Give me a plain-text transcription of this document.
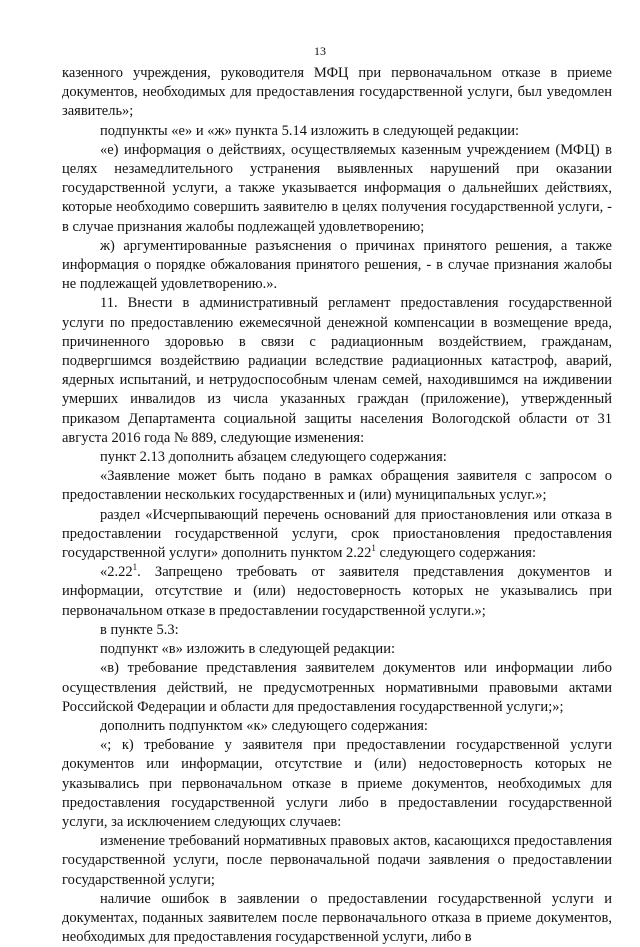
13

казенного учреждения, руководителя МФЦ при первоначальном отказе в приеме документов, необходимых для предоставления государственной услуги, был уведомлен заявитель»;

подпункты «е» и «ж» пункта 5.14 изложить в следующей редакции:

«е) информация о действиях, осуществляемых казенным учреждением (МФЦ) в целях незамедлительного устранения выявленных нарушений при оказании государственной услуги, а также указывается информация о дальнейших действиях, которые необходимо совершить заявителю в целях получения государственной услуги, - в случае признания жалобы подлежащей удовлетворению;

ж) аргументированные разъяснения о причинах принятого решения, а также информация о порядке обжалования принятого решения, - в случае признания жалобы не подлежащей удовлетворению.».

11. Внести в административный регламент предоставления государственной услуги по предоставлению ежемесячной денежной компенсации в возмещение вреда, причиненного здоровью в связи с радиационным воздействием, гражданам, подвергшимся воздействию радиации вследствие радиационных катастроф, аварий, ядерных испытаний, и нетрудоспособным членам семей, находившимся на иждивении умерших инвалидов из числа указанных граждан (приложение), утвержденный приказом Департамента социальной защиты населения Вологодской области от 31 августа 2016 года № 889, следующие изменения:

пункт 2.13 дополнить абзацем следующего содержания:

«Заявление может быть подано в рамках обращения заявителя с запросом о предоставлении нескольких государственных и (или) муниципальных услуг.»;

раздел «Исчерпывающий перечень оснований для приостановления или отказа в предоставлении государственной услуги, срок приостановления предоставления государственной услуги» дополнить пунктом 2.22$^1$ следующего содержания:

«2.22$^1$. Запрещено требовать от заявителя представления документов и информации, отсутствие и (или) недостоверность которых не указывались при первоначальном отказе в предоставлении государственной услуги.»;

в пункте 5.3:

подпункт «в» изложить в следующей редакции:

«в) требование представления заявителем документов или информации либо осуществления действий, не предусмотренных нормативными правовыми актами Российской Федерации и области для предоставления государственной услуги;»;

дополнить подпунктом «к» следующего содержания:

«; к) требование у заявителя при предоставлении государственной услуги документов или информации, отсутствие и (или) недостоверность которых не указывались при первоначальном отказе в приеме документов, необходимых для предоставления государственной услуги либо в предоставлении государственной услуги, за исключением следующих случаев:

изменение требований нормативных правовых актов, касающихся предоставления государственной услуги, после первоначальной подачи заявления о предоставлении государственной услуги;

наличие ошибок в заявлении о предоставлении государственной услуги и документах, поданных заявителем после первоначального отказа в приеме документов, необходимых для предоставления государственной услуги, либо в
